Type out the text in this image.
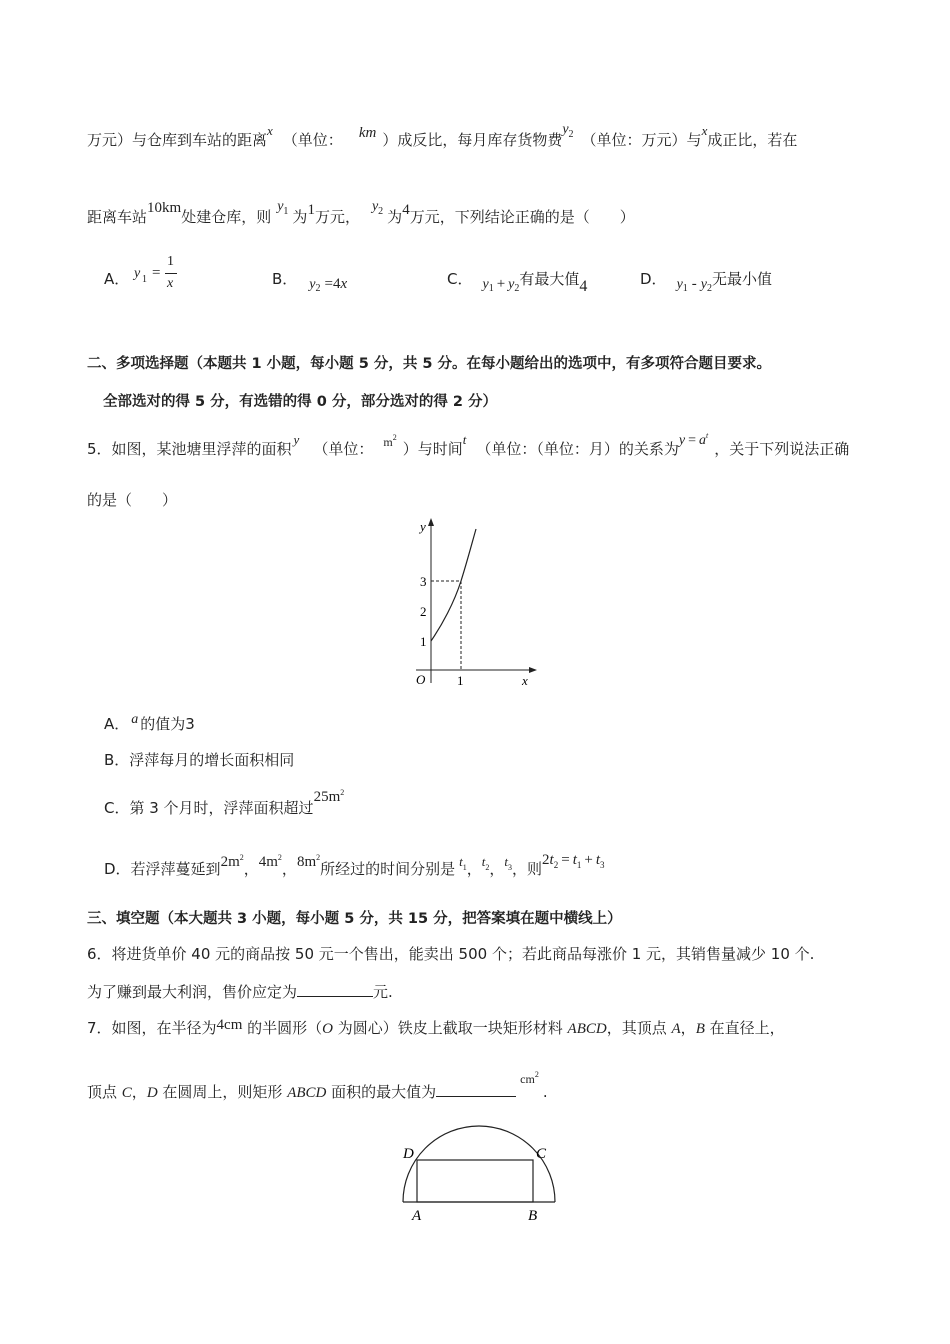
万元）与仓库到车站的距离x（单位： km ）成反比，每月库存货物费$y^2$ （单位：万元）与x成正比，若在
距离车站10km处建仓库，则$y^1$ 为1万元，$y^2$ 为4万元，下列结论正确的是（　　）
A． y 1 =
1
x	B． $y_2 =4x$	C． $y_1 + y_2$有最大值4	D． $y_1 - y_2$无最小值
二、多项选择题（本题共 1 小题，每小题 5 分，共 5 分。在每小题给出的选项中，有多项符合题目要求。
全部选对的得 5 分，有选错的得 0 分，部分选对的得 2 分）
5．如图，某池塘里浮萍的面积y（单位： $^{m2}$）与时间t（单位：（单位：月）的关系为$y = a^t$，关于下列说法正确
的是（　　）
y
x
O
1
2
3
1
A． a 的值为3
B．浮萍每月的增长面积相同
C．第 3 个月时，浮萍面积超过$25m^2$
D．若浮萍蔓延到$2m^2$，$4m^2$，$8m^2$所经过的时间分别是 $t^1$，$t^2$，$t^3$，则$2t^2 = t^1 + t^3$
三、填空题（本大题共 3 小题，每小题 5 分，共 15 分，把答案填在题中横线上）
6．将进货单价 40 元的商品按 50 元一个售出，能卖出 500 个；若此商品每涨价 1 元，其销售量减少 10 个.
为了赚到最大利润，售价应定为	元.
7．如图，在半径为4cm 的半圆形（O 为圆心）铁皮上截取一块矩形材料 ABCD，其顶点 A，B 在直径上，
顶点 C，D 在圆周上，则矩形 ABCD 面积的最大值为$^{cm2}$.
D	C
A	B
